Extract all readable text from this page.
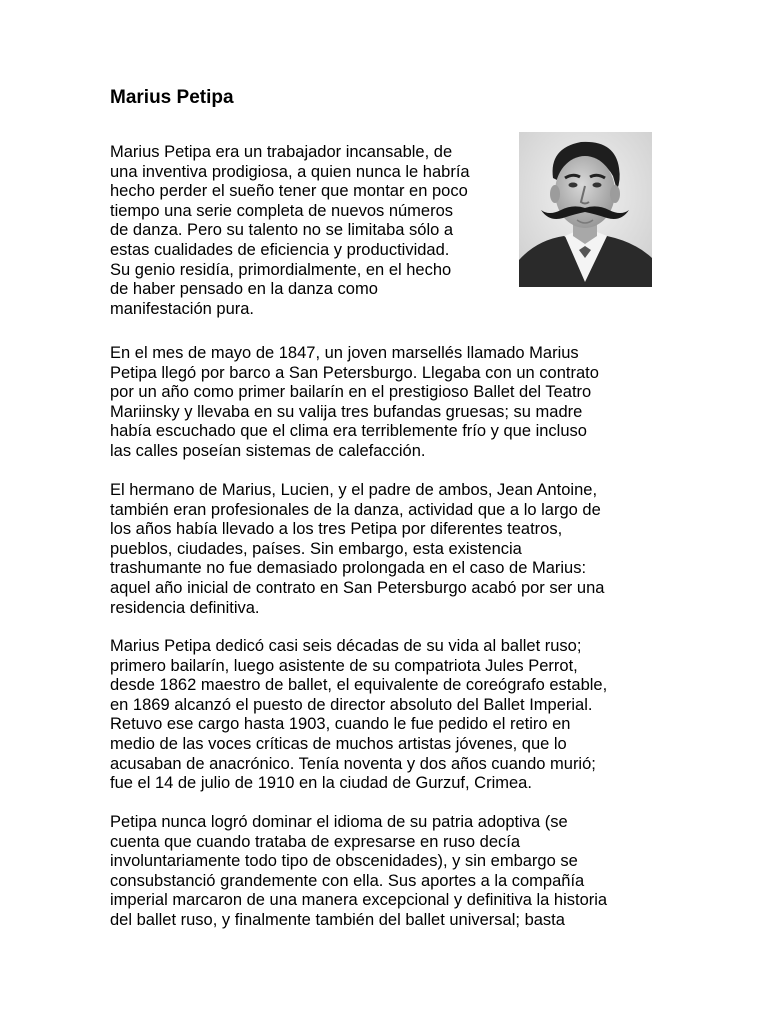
Marius Petipa
Marius Petipa era un trabajador incansable, de
una inventiva prodigiosa, a quien nunca le habría
hecho perder el sueño tener que montar en poco
tiempo una serie completa de nuevos números
de danza. Pero su talento no se limitaba sólo a
estas cualidades de eficiencia y productividad.
Su genio residía, primordialmente, en el hecho
de haber pensado en la danza como
manifestación pura.
En el mes de mayo de 1847, un joven marsellés llamado Marius
Petipa llegó por barco a San Petersburgo. Llegaba con un contrato
por un año como primer bailarín en el prestigioso Ballet del Teatro
Mariinsky y llevaba en su valija tres bufandas gruesas; su madre
había escuchado que el clima era terriblemente frío y que incluso
las calles poseían sistemas de calefacción.
El hermano de Marius, Lucien, y el padre de ambos, Jean Antoine,
también eran profesionales de la danza, actividad que a lo largo de
los años había llevado a los tres Petipa por diferentes teatros,
pueblos, ciudades, países. Sin embargo, esta existencia
trashumante no fue demasiado prolongada en el caso de Marius:
aquel año inicial de contrato en San Petersburgo acabó por ser una
residencia definitiva.
Marius Petipa dedicó casi seis décadas de su vida al ballet ruso;
primero bailarín, luego asistente de su compatriota Jules Perrot,
desde 1862 maestro de ballet, el equivalente de coreógrafo estable,
en 1869 alcanzó el puesto de director absoluto del Ballet Imperial.
Retuvo ese cargo hasta 1903, cuando le fue pedido el retiro en
medio de las voces críticas de muchos artistas jóvenes, que lo
acusaban de anacrónico. Tenía noventa y dos años cuando murió;
fue el 14 de julio de 1910 en la ciudad de Gurzuf, Crimea.
Petipa nunca logró dominar el idioma de su patria adoptiva (se
cuenta que cuando trataba de expresarse en ruso decía
involuntariamente todo tipo de obscenidades), y sin embargo se
consubstanció grandemente con ella. Sus aportes a la compañía
imperial marcaron de una manera excepcional y definitiva la historia
del ballet ruso, y finalmente también del ballet universal; basta
